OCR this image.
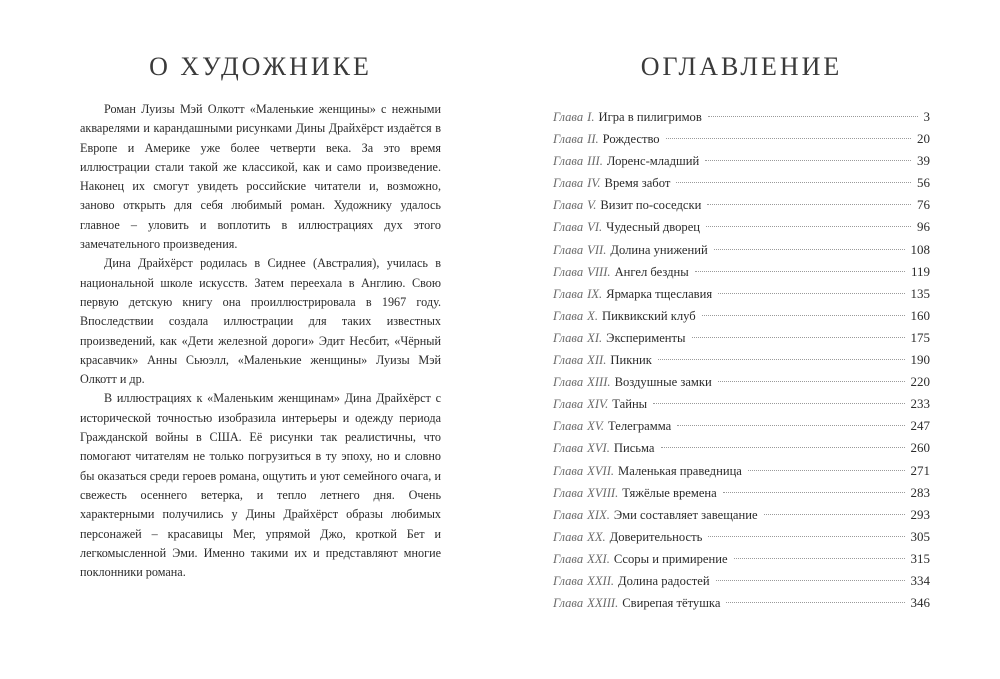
О ХУДОЖНИКЕ

Роман Луизы Мэй Олкотт «Маленькие женщины» с нежными акварелями и карандашными рисунками Дины Драйхёрст издаётся в Европе и Америке уже более четверти века. За это время иллюстрации стали такой же классикой, как и само произведение. Наконец их смогут увидеть российские читатели и, возможно, заново открыть для себя любимый роман. Художнику удалось главное – уловить и воплотить в иллюстрациях дух этого замечательного произведения.

Дина Драйхёрст родилась в Сиднее (Австралия), училась в национальной школе искусств. Затем переехала в Англию. Свою первую детскую книгу она проиллюстрировала в 1967 году. Впоследствии создала иллюстрации для таких известных произведений, как «Дети железной дороги» Эдит Несбит, «Чёрный красавчик» Анны Сьюэлл, «Маленькие женщины» Луизы Мэй Олкотт и др.

В иллюстрациях к «Маленьким женщинам» Дина Драйхёрст с исторической точностью изобразила интерьеры и одежду периода Гражданской войны в США. Её рисунки так реалистичны, что помогают читателям не только погрузиться в ту эпоху, но и словно бы оказаться среди героев романа, ощутить и уют семейного очага, и свежесть осеннего ветерка, и тепло летнего дня. Очень характерными получились у Дины Драйхёрст образы любимых персонажей – красавицы Мег, упрямой Джо, кроткой Бет и легкомысленной Эми. Именно такими их и представляют многие поклонники романа.

ОГЛАВЛЕНИЕ
Глава I. Игра в пилигримов	3
Глава II. Рождество	20
Глава III. Лоренс-младший	39
Глава IV. Время забот	56
Глава V. Визит по-соседски	76
Глава VI. Чудесный дворец	96
Глава VII. Долина унижений	108
Глава VIII. Ангел бездны	119
Глава IX. Ярмарка тщеславия	135
Глава X. Пиквикский клуб	160
Глава XI. Эксперименты	175
Глава XII. Пикник	190
Глава XIII. Воздушные замки	220
Глава XIV. Тайны	233
Глава XV. Телеграмма	247
Глава XVI. Письма	260
Глава XVII. Маленькая праведница	271
Глава XVIII. Тяжёлые времена	283
Глава XIX. Эми составляет завещание	293
Глава XX. Доверительность	305
Глава XXI. Ссоры и примирение	315
Глава XXII. Долина радостей	334
Глава XXIII. Свирепая тётушка	346
